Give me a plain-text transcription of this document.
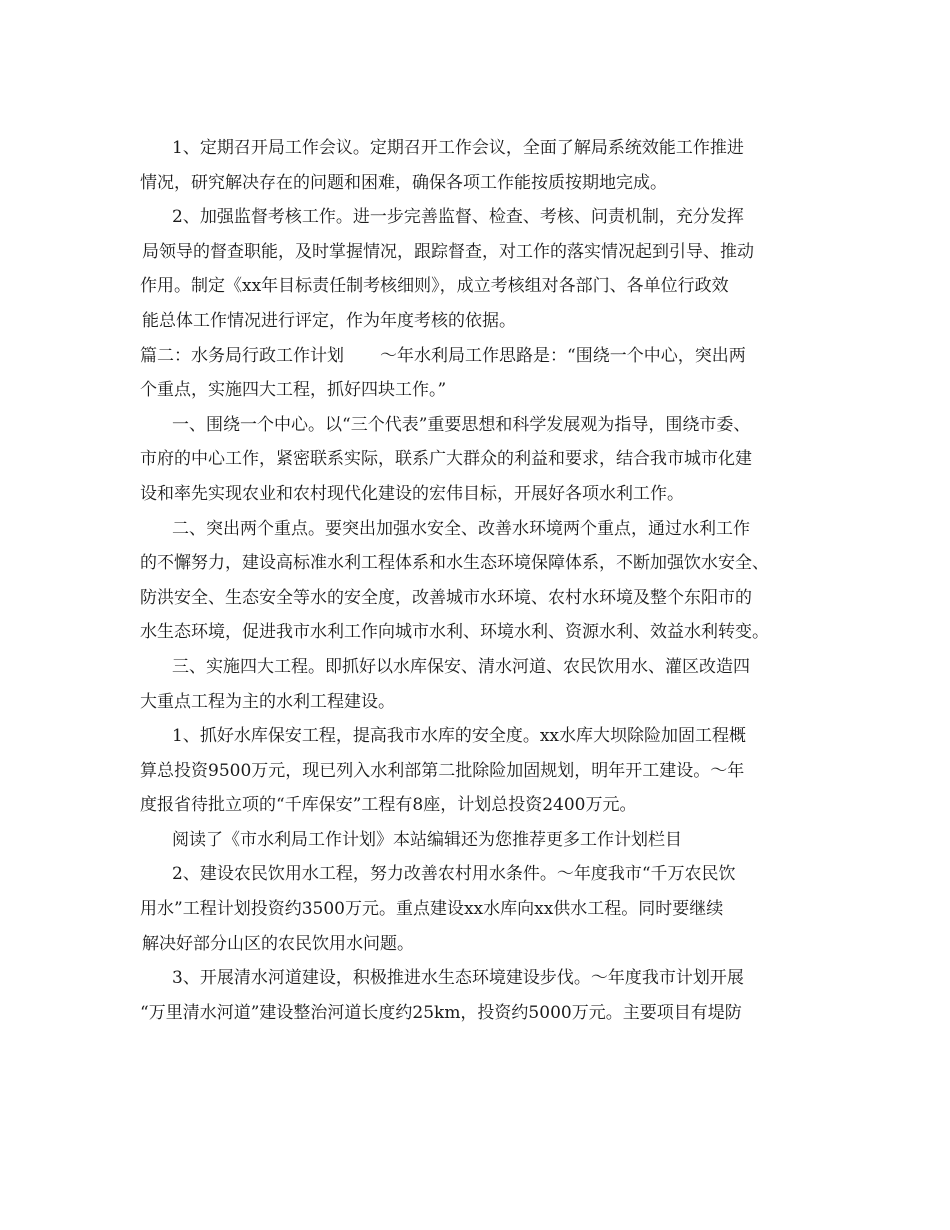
1、定期召开局工作会议。定期召开工作会议，全面了解局系统效能工作推进
情况，研究解决存在的问题和困难，确保各项工作能按质按期地完成。
2、加强监督考核工作。进一步完善监督、检查、考核、问责机制，充分发挥
局领导的督查职能，及时掌握情况，跟踪督查，对工作的落实情况起到引导、推动
作用。制定《xx年目标责任制考核细则》，成立考核组对各部门、各单位行政效
能总体工作情况进行评定，作为年度考核的依据。
篇二：水务局行政工作计划 ～年水利局工作思路是：“围绕一个中心，突出两
个重点，实施四大工程，抓好四块工作。”
一、围绕一个中心。以“三个代表”重要思想和科学发展观为指导，围绕市委、
市府的中心工作，紧密联系实际，联系广大群众的利益和要求，结合我市城市化建
设和率先实现农业和农村现代化建设的宏伟目标，开展好各项水利工作。
二、突出两个重点。要突出加强水安全、改善水环境两个重点，通过水利工作
的不懈努力，建设高标准水利工程体系和水生态环境保障体系，不断加强饮水安全、
防洪安全、生态安全等水的安全度，改善城市水环境、农村水环境及整个东阳市的
水生态环境，促进我市水利工作向城市水利、环境水利、资源水利、效益水利转变。
三、实施四大工程。即抓好以水库保安、清水河道、农民饮用水、灌区改造四
大重点工程为主的水利工程建设。
1、抓好水库保安工程，提高我市水库的安全度。xx水库大坝除险加固工程概
算总投资9500万元，现已列入水利部第二批除险加固规划，明年开工建设。～年
度报省待批立项的“千库保安”工程有8座，计划总投资2400万元。
阅读了《市水利局工作计划》本站编辑还为您推荐更多工作计划栏目
2、建设农民饮用水工程，努力改善农村用水条件。～年度我市“千万农民饮
用水”工程计划投资约3500万元。重点建设xx水库向xx供水工程。同时要继续
解决好部分山区的农民饮用水问题。
3、开展清水河道建设，积极推进水生态环境建设步伐。～年度我市计划开展
“万里清水河道”建设整治河道长度约25km，投资约5000万元。主要项目有堤防
